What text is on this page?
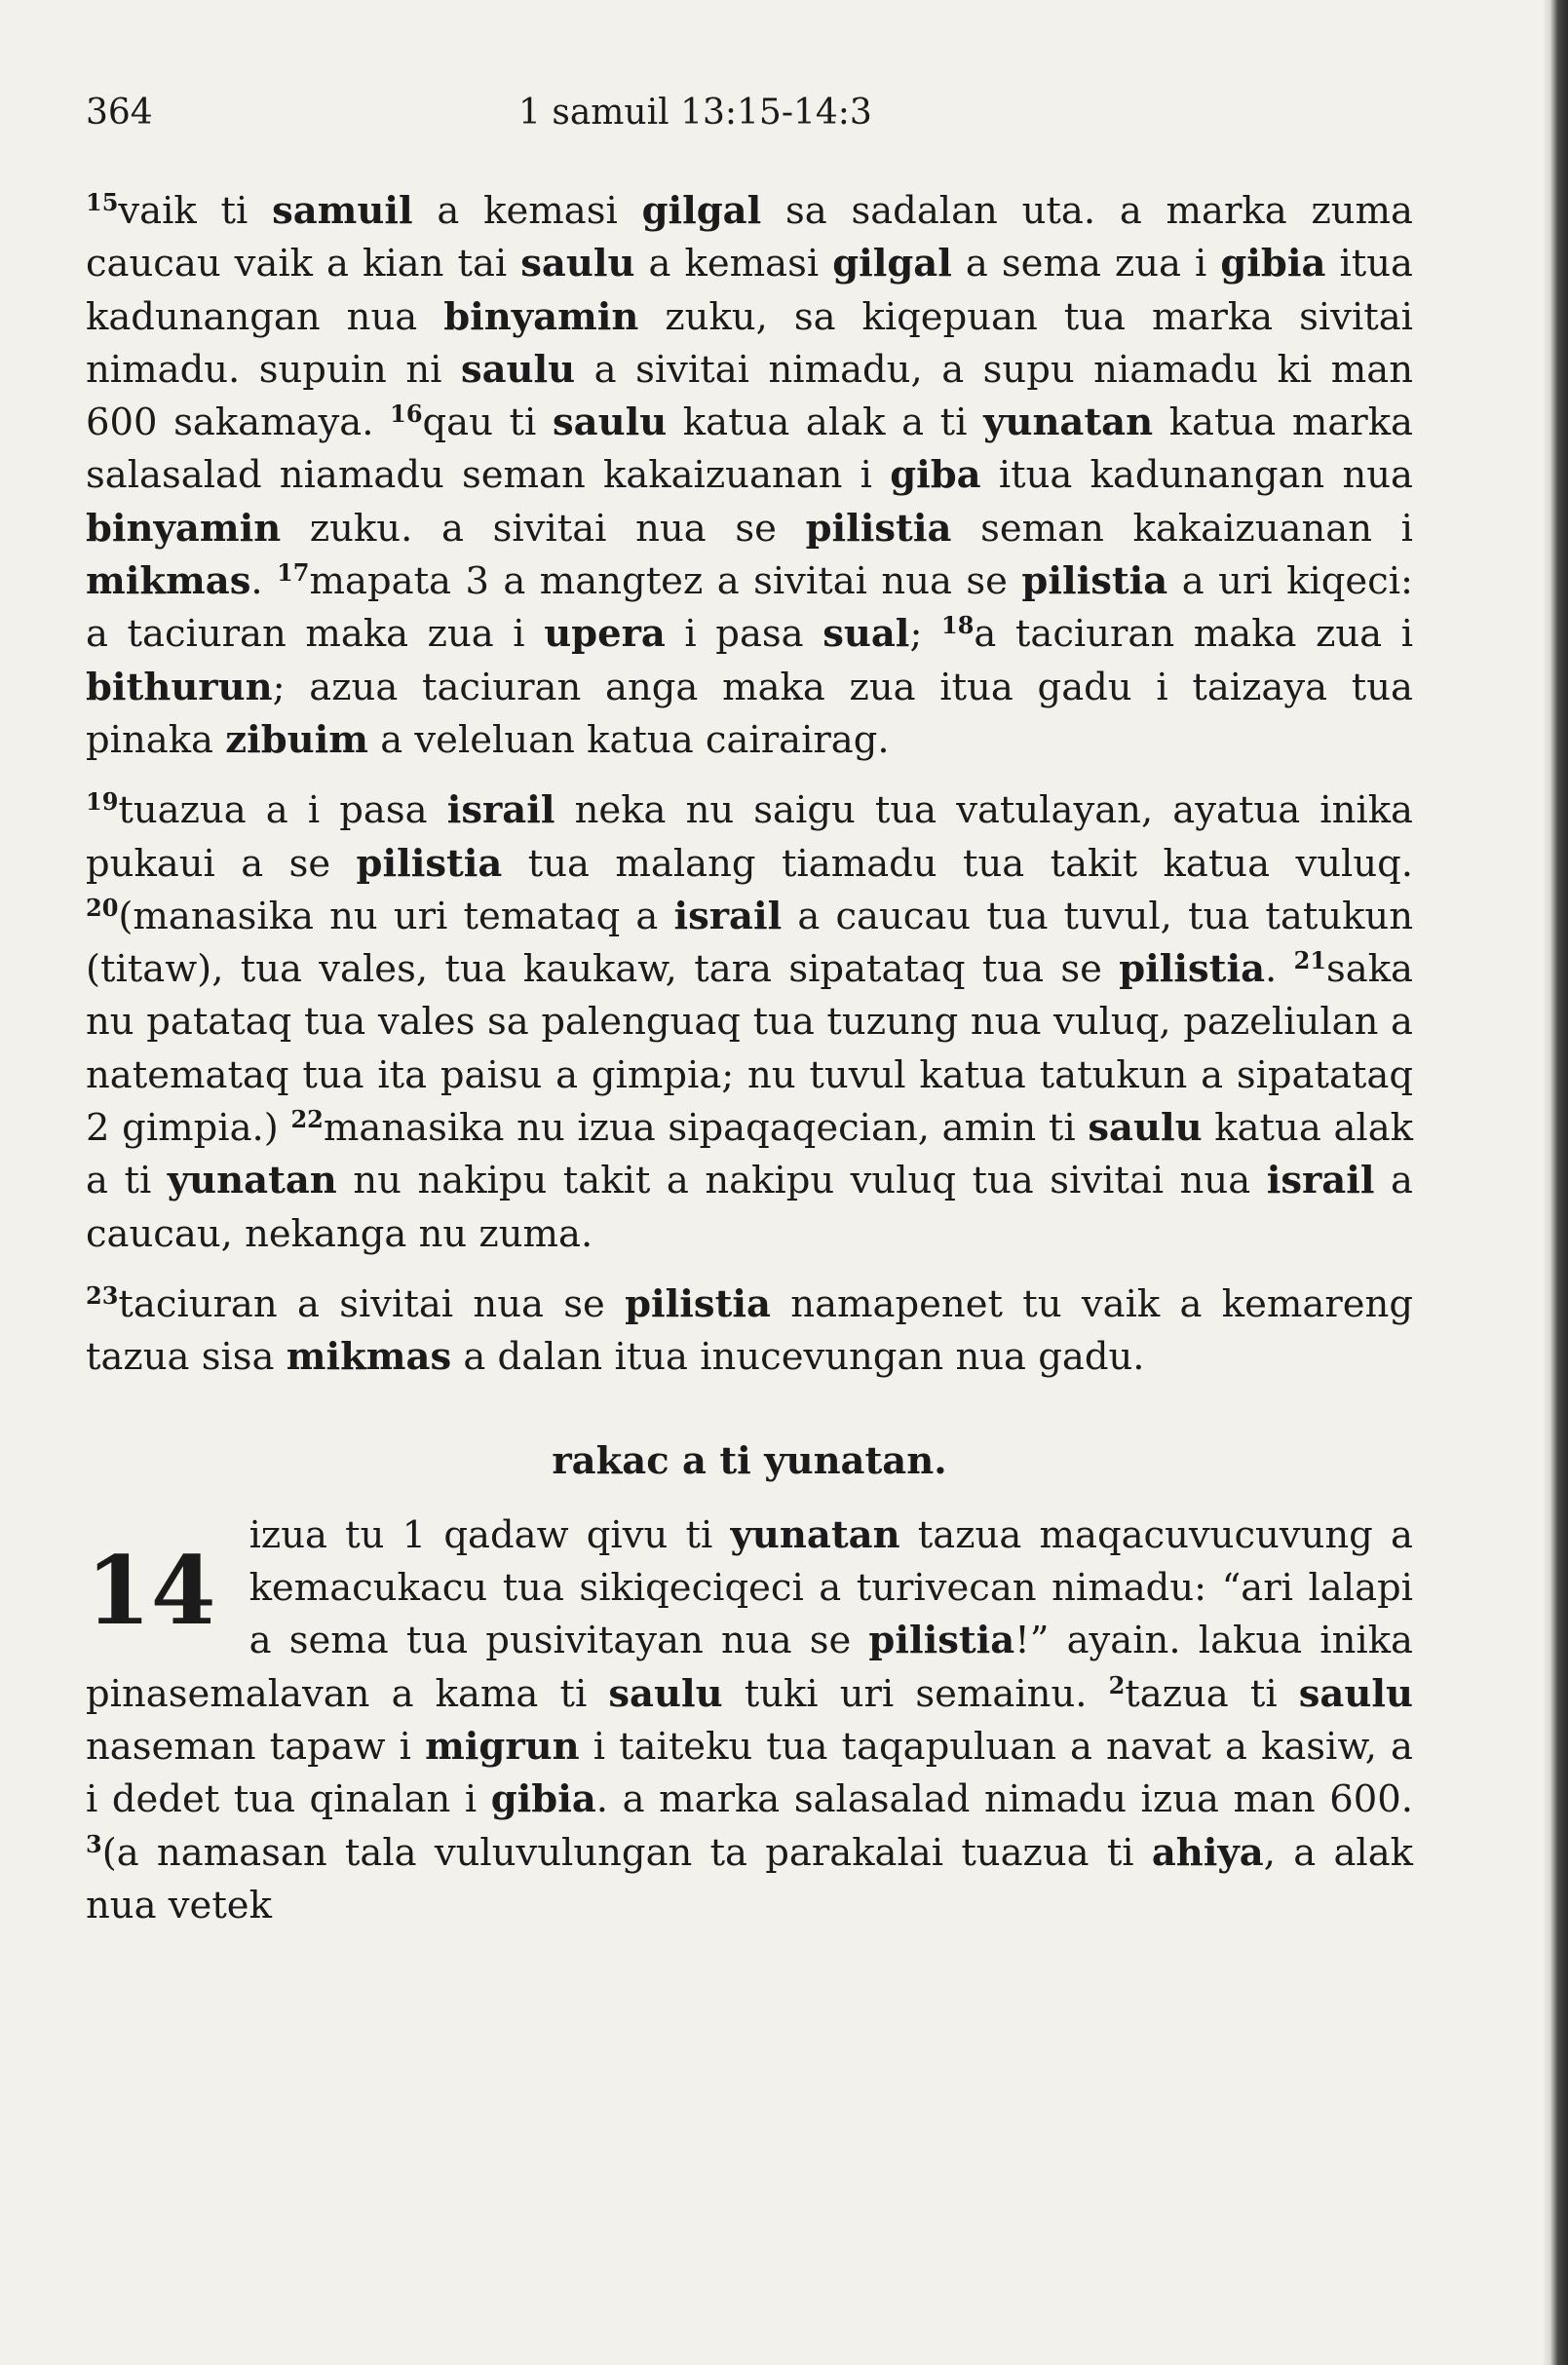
364	1 samuil 13:15-14:3

$^{15}$vaik ti samuil a kemasi gilgal sa sadalan uta. a marka zuma caucau vaik a kian tai saulu a kemasi gilgal a sema zua i gibia itua kadunangan nua binyamin zuku, sa kiqepuan tua marka sivitai nimadu. supuin ni saulu a sivitai nimadu, a supu niamadu ki man 600 sakamaya. $^{16}$qau ti saulu katua alak a ti yunatan katua marka salasalad niamadu seman kakaizuanan i giba itua kadunangan nua binyamin zuku. a sivitai nua se pilistia seman kakaizuanan i mikmas. $^{17}$mapata 3 a mangtez a sivitai nua se pilistia a uri kiqeci: a taciuran maka zua i upera i pasa sual; $^{18}$a taciuran maka zua i bithurun; azua taciuran anga maka zua itua gadu i taizaya tua pinaka zibuim a veleluan katua cairairag.

$^{19}$tuazua a i pasa israil neka nu saigu tua vatulayan, ayatua inika pukaui a se pilistia tua malang tiamadu tua takit katua vuluq. $^{20}$(manasika nu uri temataq a israil a caucau tua tuvul, tua tatukun (titaw), tua vales, tua kaukaw, tara sipatataq tua se pilistia. $^{21}$saka nu patataq tua vales sa palenguaq tua tuzung nua vuluq, pazeliulan a natemataq tua ita paisu a gimpia; nu tuvul katua tatukun a sipatataq 2 gimpia.) $^{22}$manasika nu izua sipaqaqecian, amin ti saulu katua alak a ti yunatan nu nakipu takit a nakipu vuluq tua sivitai nua israil a caucau, nekanga nu zuma.

$^{23}$taciuran a sivitai nua se pilistia namapenet tu vaik a kemareng tazua sisa mikmas a dalan itua inucevungan nua gadu.

rakac a ti yunatan.

14
izua tu 1 qadaw qivu ti yunatan tazua maqacuvucuvung a kemacukacu tua sikiqeciqeci a turivecan nimadu: “ari lalapi a sema tua pusivitayan nua se pilistia!” ayain. lakua inika pinasemalavan a kama ti saulu tuki uri semainu. $^2$tazua ti saulu naseman tapaw i migrun i taiteku tua taqapuluan a navat a kasiw, a i dedet tua qinalan i gibia. a marka salasalad nimadu izua man 600. $^3$(a namasan tala vuluvulungan ta parakalai tuazua ti ahiya, a alak nua vetek
